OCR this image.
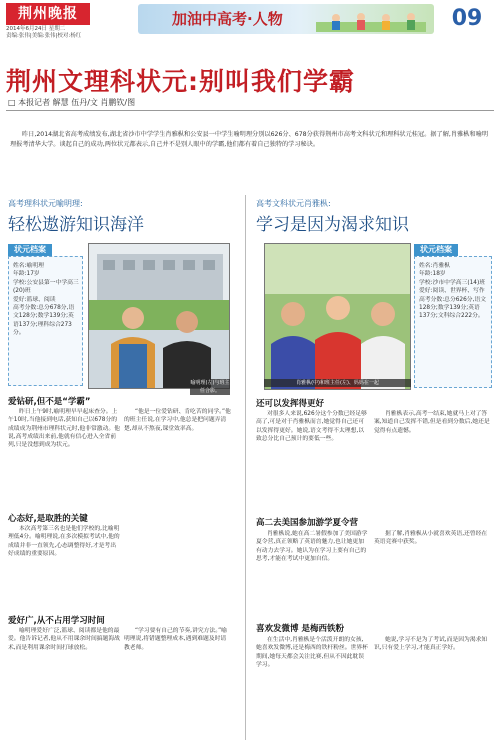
荆州晚报
2014年6月24日 星期二
责编:张伟|美编:张伟|校对:杨红
加油中高考·人物	09
荆州文理科状元:别叫我们学霸
□ 本报记者 解慧 伍丹/文 肖鹏钦/图
昨日,2014湖北省高考成绩发布,湖北省沙市中学学生肖雅枞和公安县一中学生喻明理分别以626分、678分获得荆州市高考文科状元和理科状元桂冠。据了解,肖雅枞和喻明理报考清华大学。谈起自己的成功,两位状元都表示,自己并不是别人眼中的学霸,他们都有着自己独特的学习秘诀。
高考理科状元喻明理:
轻松遨游知识海洋
状元档案
姓名:喻明理
年龄:17岁
学校:公安县第一中学高三(20)班
爱好:篮球、阅读
高考分数:总分678分,语文128分;数学139分;英语137分;理科综合273分。
喻明理(左)与班主任合影。
爱钻研,但不是“学霸”
昨日上午9时,喻明理早早起床查分。上午10时,当他接到电话,获知自己以678分的成绩成为荆州市理科状元时,他非常激动。他说,高考成绩出来前,他就有信心进入全省前列,只是没想到成为状元。
“他是一位爱钻研、肯吃苦的同学。”他的班主任说,在学习中,他总是把问题弄清楚,却从不熬夜,课堂效率高。
心态好,是取胜的关键
本次高考第三名也是他们学校的,比喻明理低4分。喻明理说,在多次模拟考试中,他的成绩并非一直领先,心态调整得好,才是考出好成绩的重要原因。
爱好广,从不占用学习时间
喻明理爱好广泛,篮球、阅读都是他的最爱。他告诉记者,他从不用课余时间搞题海战术,而是利用课余时间打球放松。
“学习要有自己的节奏,讲究方法。”喻明理说,将错题整理成本,遇到难题及时请教老师。
高考文科状元肖雅枞:
学习是因为渴求知识
肖雅枞(中)和班主任(左)、妈妈在一起
状元档案
姓名:肖雅枞
年龄:18岁
学校:沙市中学高三(14)班
爱好:阅读、世界杯、写作
高考分数:总分626分,语文128分;数学139分;英语137分;文科综合222分。
还可以发挥得更好
对很多人来说,626分这个分数已经足够高了,可是对于肖雅枞而言,她觉得自己还可以发挥得更好。她说,语文考得不太理想,以致总分比自己预计的要低一些。
肖雅枞表示,高考一结束,她就马上对了答案,知道自己发挥不错,但是看到分数后,她还是觉得有点遗憾。
高二去美国参加游学夏令营
肖雅枞说,她在高二暑假参加了美国游学夏令营,真正领略了英语的魅力,也让她更加有动力去学习。她认为在学习上要有自己的思考,才能在考试中更加自信。
据了解,肖雅枞从小就喜欢英语,还曾经在英语竞赛中获奖。
喜欢发微博 是梅西铁粉
在生活中,肖雅枞是个活泼开朗的女孩,她喜欢发微博,还是梅西的铁杆粉丝。世界杯期间,她每天都会关注比赛,但从不因此耽误学习。
她说,学习不是为了考试,而是因为渴求知识,只有爱上学习,才能真正学好。
